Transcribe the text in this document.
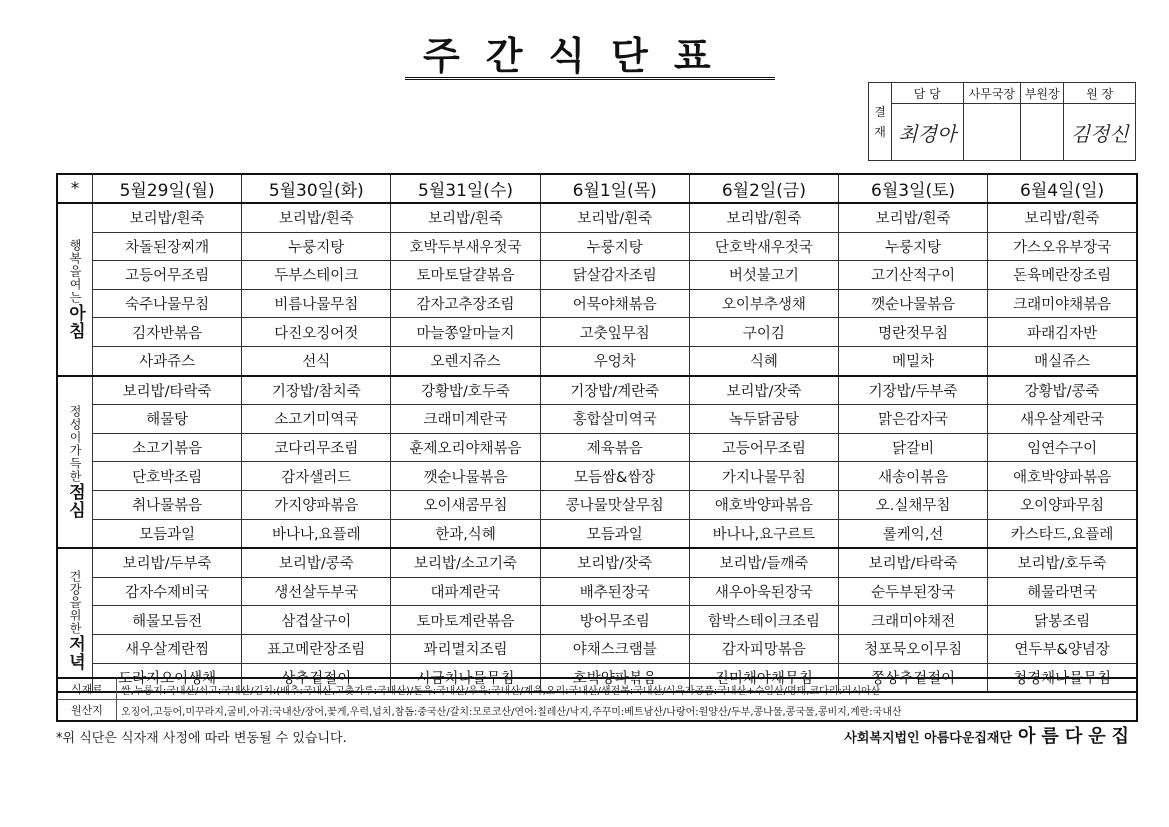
주간식단표
결재	담 당	사무국장	부원장	원 장
	최경아			김정신
*	5월29일(월)	5월30일(화)	5월31일(수)	6월1일(목)	6월2일(금)	6월3일(토)	6월4일(일)
행복을여는아침	보리밥/흰죽	보리밥/흰죽	보리밥/흰죽	보리밥/흰죽	보리밥/흰죽	보리밥/흰죽	보리밥/흰죽
	차돌된장찌개	누룽지탕	호박두부새우젓국	누룽지탕	단호박새우젓국	누룽지탕	가스오유부장국
	고등어무조림	두부스테이크	토마토달걀볶음	닭살감자조림	버섯불고기	고기산적구이	돈육메란장조림
	숙주나물무침	비름나물무침	감자고추장조림	어묵야채볶음	오이부추생채	깻순나물볶음	크래미야채볶음
	김자반볶음	다진오징어젓	마늘쫑알마늘지	고춧잎무침	구이김	명란젓무침	파래김자반
	사과쥬스	선식	오렌지쥬스	우엉차	식혜	메밀차	매실쥬스
정성이가득한점심	보리밥/타락죽	기장밥/참치죽	강황밥/호두죽	기장밥/계란죽	보리밥/잣죽	기장밥/두부죽	강황밥/콩죽
	해물탕	소고기미역국	크래미계란국	홍합살미역국	녹두닭곰탕	맑은감자국	새우살계란국
	소고기볶음	코다리무조림	훈제오리야채볶음	제육볶음	고등어무조림	닭갈비	임연수구이
	단호박조림	감자샐러드	깻순나물볶음	모듬쌈&쌈장	가지나물무침	새송이볶음	애호박양파볶음
	취나물볶음	가지양파볶음	오이새콤무침	콩나물맛살무침	애호박양파볶음	오.실채무침	오이양파무침
	모듬과일	바나나,요플레	한과,식혜	모듬과일	바나나,요구르트	롤케익,선	카스타드,요플레
건강을위한저녁	보리밥/두부죽	보리밥/콩죽	보리밥/소고기죽	보리밥/잣죽	보리밥/들깨죽	보리밥/타락죽	보리밥/호두죽
	감자수제비국	생선살두부국	대파계란국	배추된장국	새우아욱된장국	순두부된장국	해물라면국
	해물모듬전	삼겹살구이	토마토계란볶음	방어무조림	함박스테이크조림	크래미야채전	닭봉조림
	새우살계란찜	표고메란장조림	꽈리멸치조림	야채스크램블	감자피망볶음	청포묵오이무침	연두부&양념장
	도라지오이생채	상추겉절이	시금치나물무침	호박양파볶음	진미채야채무침	쫑상추겉절이	청경채나물무침
식재료	쌀,누룽지:국내산/쇠고:국내산/김치:(배추:국내산,고춧가루:국내산)/돈육:국내산/우육:국내산/계육,오리:국내산/생전복:국내산/식육가공품:국내산+수입산/명태,코다리:러시아산
원산지	오징어,고등어,미꾸라지,굴비,아귀:국내산/장어,꽃게,우럭,넙치,참돔:중국산/갈치:모로코산/연어:칠레산/낙지,주꾸미:베트남산/나랑어:원양산/두부,콩나물,콩국물,콩비지,계란:국내산
*위 식단은 식자재 사정에 따라 변동될 수 있습니다.	사회복지법인 아름다운집재단 아름다운집
